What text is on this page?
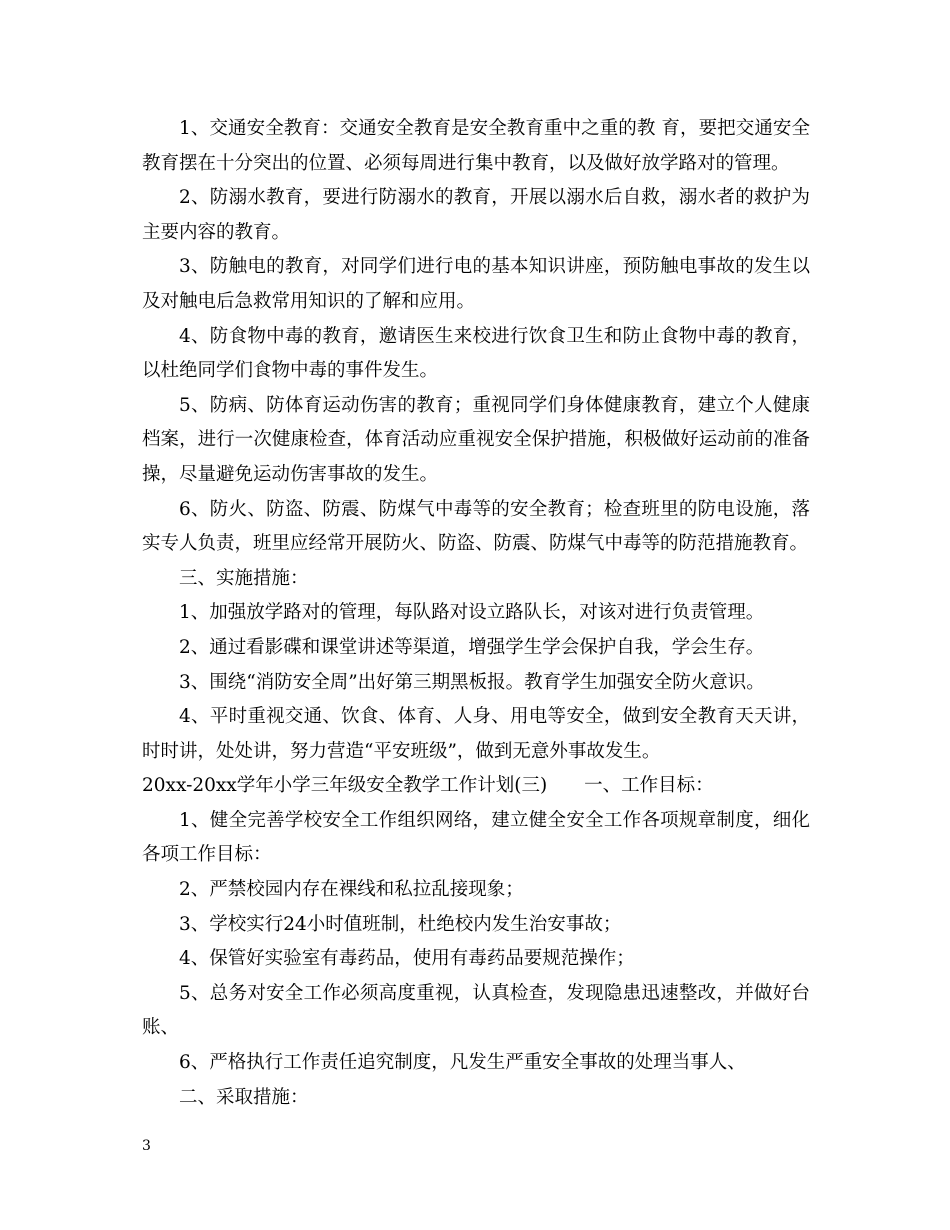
1、交通安全教育：交通安全教育是安全教育重中之重的教 育，要把交通安全教育摆在十分突出的位置、必须每周进行集中教育，以及做好放学路对的管理。

2、防溺水教育，要进行防溺水的教育，开展以溺水后自救，溺水者的救护为主要内容的教育。

3、防触电的教育，对同学们进行电的基本知识讲座，预防触电事故的发生以及对触电后急救常用知识的了解和应用。

4、防食物中毒的教育，邀请医生来校进行饮食卫生和防止食物中毒的教育，以杜绝同学们食物中毒的事件发生。

5、防病、防体育运动伤害的教育；重视同学们身体健康教育，建立个人健康档案，进行一次健康检查，体育活动应重视安全保护措施，积极做好运动前的准备操，尽量避免运动伤害事故的发生。

6、防火、防盗、防震、防煤气中毒等的安全教育；检查班里的防电设施，落实专人负责，班里应经常开展防火、防盗、防震、防煤气中毒等的防范措施教育。

三、实施措施：

1、加强放学路对的管理，每队路对设立路队长，对该对进行负责管理。

2、通过看影碟和课堂讲述等渠道，增强学生学会保护自我，学会生存。

3、围绕“消防安全周”出好第三期黑板报。教育学生加强安全防火意识。

4、平时重视交通、饮食、体育、人身、用电等安全，做到安全教育天天讲，时时讲，处处讲，努力营造“平安班级”，做到无意外事故发生。

20xx-20xx学年小学三年级安全教学工作计划(三)　　一、工作目标：

1、健全完善学校安全工作组织网络，建立健全安全工作各项规章制度，细化各项工作目标：

2、严禁校园内存在裸线和私拉乱接现象；

3、学校实行24小时值班制，杜绝校内发生治安事故；

4、保管好实验室有毒药品，使用有毒药品要规范操作；

5、总务对安全工作必须高度重视，认真检查，发现隐患迅速整改，并做好台账、

6、严格执行工作责任追究制度，凡发生严重安全事故的处理当事人、

二、采取措施：

3
